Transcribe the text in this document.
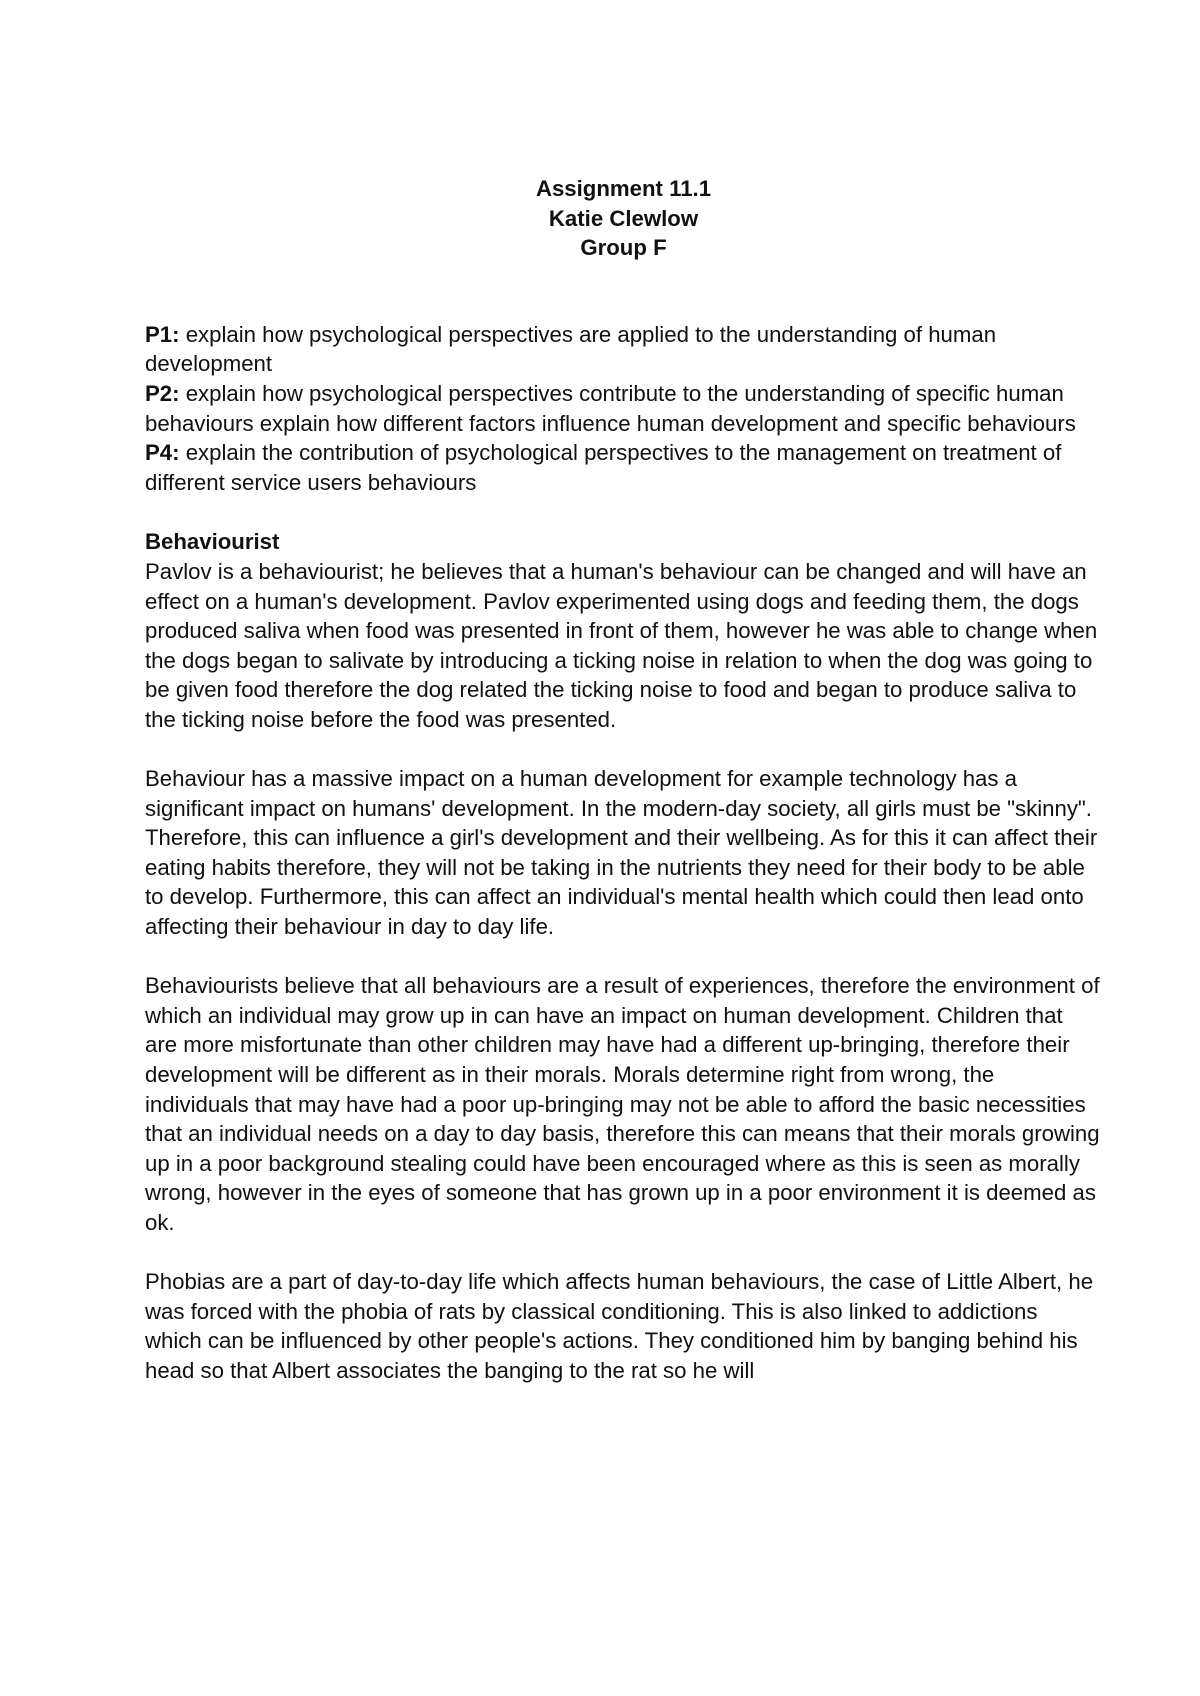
Assignment 11.1
Katie Clewlow
Group F

P1: explain how psychological perspectives are applied to the understanding of human development

P2: explain how psychological perspectives contribute to the understanding of specific human behaviours explain how different factors influence human development and specific behaviours

P4: explain the contribution of psychological perspectives to the management on treatment of different service users behaviours

Behaviourist

Pavlov is a behaviourist; he believes that a human's behaviour can be changed and will have an effect on a human's development. Pavlov experimented using dogs and feeding them, the dogs produced saliva when food was presented in front of them, however he was able to change when the dogs began to salivate by introducing a ticking noise in relation to when the dog was going to be given food therefore the dog related the ticking noise to food and began to produce saliva to the ticking noise before the food was presented.

Behaviour has a massive impact on a human development for example technology has a significant impact on humans' development. In the modern-day society, all girls must be "skinny". Therefore, this can influence a girl's development and their wellbeing. As for this it can affect their eating habits therefore, they will not be taking in the nutrients they need for their body to be able to develop. Furthermore, this can affect an individual's mental health which could then lead onto affecting their behaviour in day to day life.

Behaviourists believe that all behaviours are a result of experiences, therefore the environment of which an individual may grow up in can have an impact on human development. Children that are more misfortunate than other children may have had a different up-bringing, therefore their development will be different as in their morals. Morals determine right from wrong, the individuals that may have had a poor up-bringing may not be able to afford the basic necessities that an individual needs on a day to day basis, therefore this can means that their morals growing up in a poor background stealing could have been encouraged where as this is seen as morally wrong, however in the eyes of someone that has grown up in a poor environment it is deemed as ok.

Phobias are a part of day-to-day life which affects human behaviours, the case of Little Albert, he was forced with the phobia of rats by classical conditioning. This is also linked to addictions which can be influenced by other people's actions. They conditioned him by banging behind his head so that Albert associates the banging to the rat so he will
